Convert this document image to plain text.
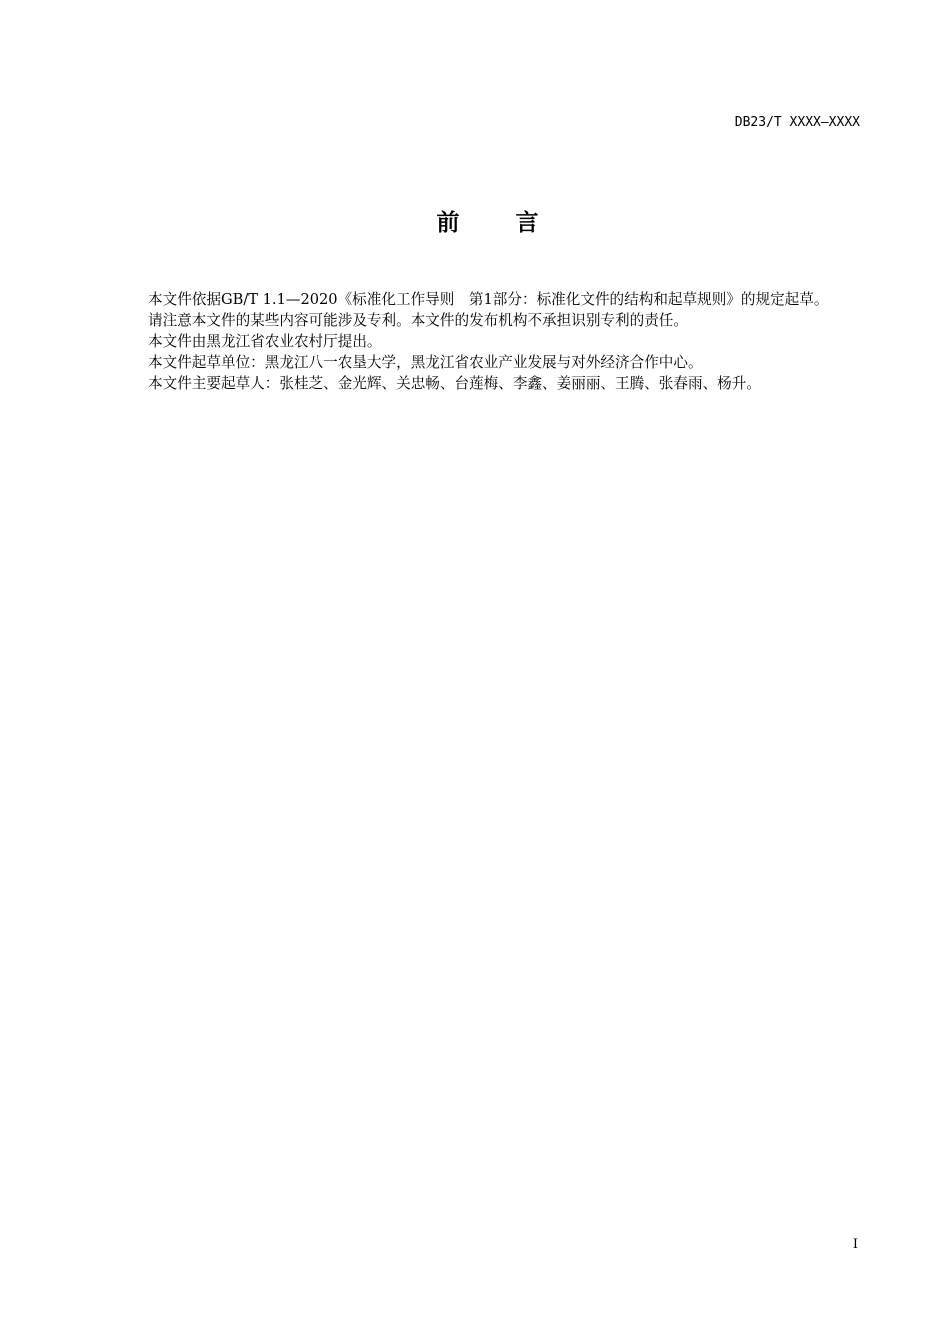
DB23/T XXXX—XXXX
前 言

本文件依据GB/T 1.1—2020《标准化工作导则　第1部分：标准化文件的结构和起草规则》的规定起草。

请注意本文件的某些内容可能涉及专利。本文件的发布机构不承担识别专利的责任。

本文件由黑龙江省农业农村厅提出。

本文件起草单位：黑龙江八一农垦大学，黑龙江省农业产业发展与对外经济合作中心。

本文件主要起草人：张桂芝、金光辉、关忠畅、台莲梅、李鑫、姜丽丽、王腾、张春雨、杨升。

I
